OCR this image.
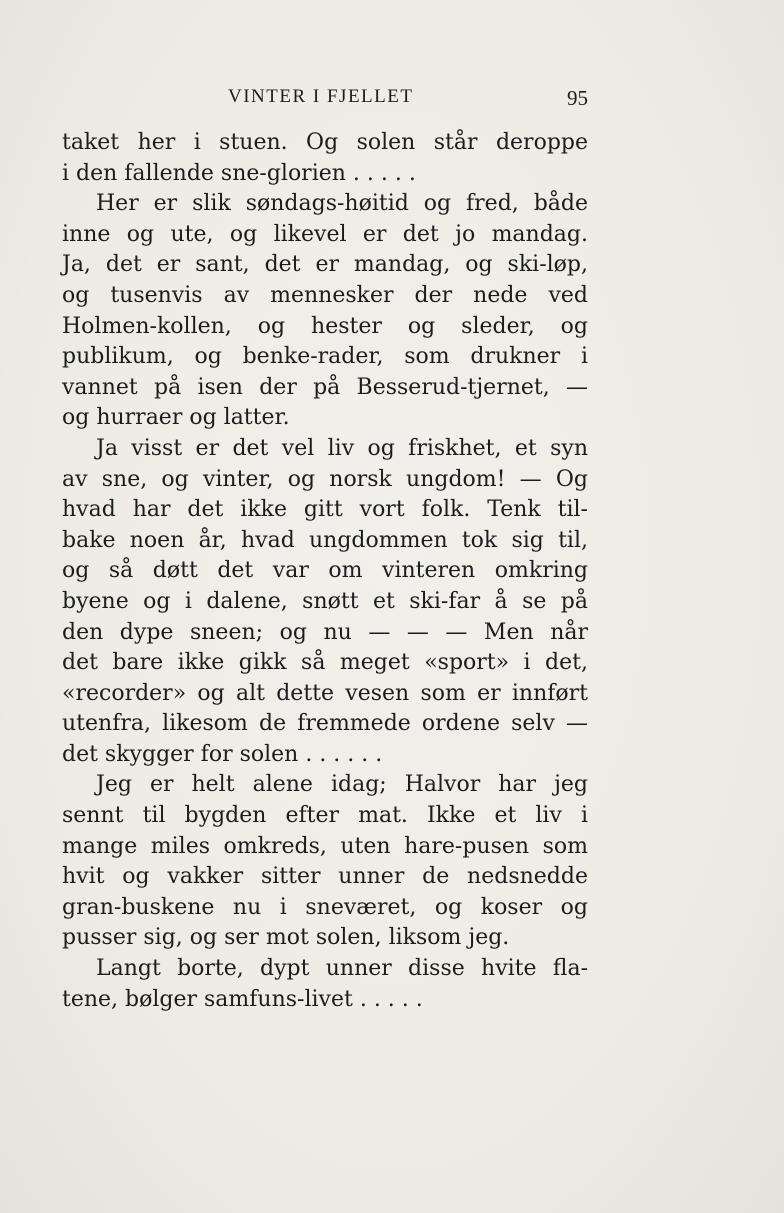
VINTER I FJELLET	95
taket her i stuen. Og solen står deroppe
i den fallende sne-glorien . . . . .
Her er slik søndags-høitid og fred, både
inne og ute, og likevel er det jo mandag.
Ja, det er sant, det er mandag, og ski-løp,
og tusenvis av mennesker der nede ved
Holmen-kollen, og hester og sleder, og
publikum, og benke-rader, som drukner i
vannet på isen der på Besserud-tjernet, —
og hurraer og latter.
Ja visst er det vel liv og friskhet, et syn
av sne, og vinter, og norsk ungdom! — Og
hvad har det ikke gitt vort folk. Tenk til-
bake noen år, hvad ungdommen tok sig til,
og så døtt det var om vinteren omkring
byene og i dalene, snøtt et ski-far å se på
den dype sneen; og nu — — — Men når
det bare ikke gikk så meget «sport» i det,
«recorder» og alt dette vesen som er innført
utenfra, likesom de fremmede ordene selv —
det skygger for solen . . . . . .
Jeg er helt alene idag; Halvor har jeg
sennt til bygden efter mat. Ikke et liv i
mange miles omkreds, uten hare-pusen som
hvit og vakker sitter unner de nedsnedde
gran-buskene nu i sneværet, og koser og
pusser sig, og ser mot solen, liksom jeg.
Langt borte, dypt unner disse hvite fla-
tene, bølger samfuns-livet . . . . .
